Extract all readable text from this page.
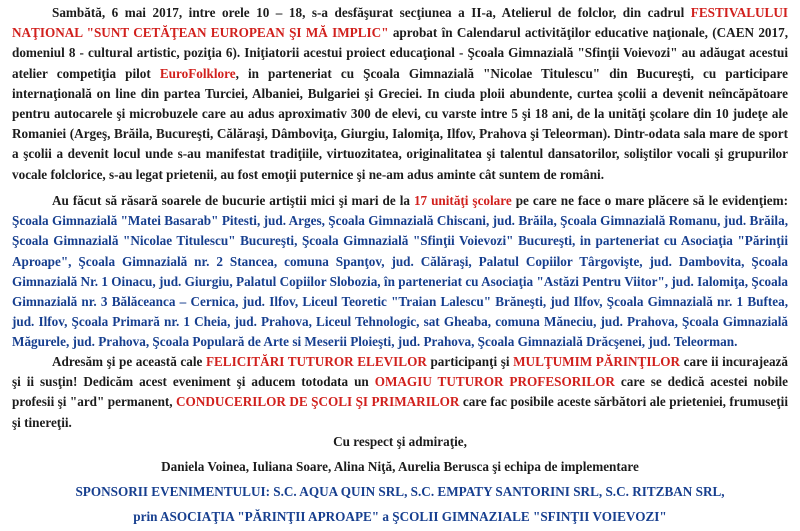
Sambătă, 6 mai 2017, intre orele 10 – 18, s-a desfăşurat secţiunea a II-a, Atelierul de folclor, din cadrul FESTIVALULUI NAŢIONAL "SUNT CETĂŢEAN EUROPEAN ŞI MĂ IMPLIC" aprobat în Calendarul activităţilor educative naţionale, (CAEN 2017, domeniul 8 - cultural artistic, poziţia 6). Iniţiatorii acestui proiect educaţional - Şcoala Gimnazială "Sfinţii Voievozi" au adăugat acestui atelier competiţia pilot EuroFolklore, in parteneriat cu Şcoala Gimnazială "Nicolae Titulescu" din Bucureşti, cu participare internaţională on line din partea Turciei, Albaniei, Bulgariei şi Greciei. In ciuda ploii abundente, curtea şcolii a devenit neîncăpătoare pentru autocarele şi microbuzele care au adus aproximativ 300 de elevi, cu varste intre 5 şi 18 ani, de la unităţi şcolare din 10 judeţe ale Romaniei (Argeş, Brăila, Bucureşti, Călăraşi, Dâmboviţa, Giurgiu, Ialomiţa, Ilfov, Prahova şi Teleorman). Dintr-odata sala mare de sport a şcolii a devenit locul unde s-au manifestat tradiţiile, virtuozitatea, originalitatea şi talentul dansatorilor, soliştilor vocali şi grupurilor vocale folclorice, s-au legat prietenii, au fost emoţii puternice şi ne-am adus aminte cât suntem de români.

Au făcut să răsară soarele de bucurie artiştii mici şi mari de la 17 unităţi şcolare pe care ne face o mare plăcere să le evidenţiem: Şcoala Gimnazială "Matei Basarab" Pitesti, jud. Arges, Şcoala Gimnazială Chiscani, jud. Brăila, Şcoala Gimnazială Romanu, jud. Brăila, Şcoala Gimnazială "Nicolae Titulescu" Bucureşti, Şcoala Gimnazială "Sfinţii Voievozi" Bucureşti, in parteneriat cu Asociaţia "Părinţii Aproape", Şcoala Gimnazială nr. 2 Stancea, comuna Spanţov, jud. Călăraşi, Palatul Copiilor Târgovişte, jud. Dambovita, Şcoala Gimnazială Nr. 1 Oinacu, jud. Giurgiu, Palatul Copiilor Slobozia, în parteneriat cu Asociaţia "Astăzi Pentru Viitor", jud. Ialomiţa, Şcoala Gimnazială nr. 3 Bălăceanca – Cernica, jud. Ilfov, Liceul Teoretic "Traian Lalescu" Brăneşti, jud Ilfov, Şcoala Gimnazială nr. 1 Buftea, jud. Ilfov, Şcoala Primară nr. 1 Cheia, jud. Prahova, Liceul Tehnologic, sat Gheaba, comuna Măneciu, jud. Prahova, Şcoala Gimnazială Măgurele, jud. Prahova, Şcoala Populară de Arte si Meserii Ploieşti, jud. Prahova, Şcoala Gimnazială Drăcşenei, jud. Teleorman.

Adresăm şi pe această cale FELICITĂRI TUTUROR ELEVILOR participanţi şi MULŢUMIM PĂRINŢILOR care ii incurajează şi ii susţin! Dedicăm acest eveniment şi aducem totodata un OMAGIU TUTUROR PROFESORILOR care se dedică acestei nobile profesii şi "ard" permanent, CONDUCERILOR DE ŞCOLI ŞI PRIMARILOR care fac posibile aceste sărbători ale prieteniei, frumuseţii şi tinereţii.

Cu respect şi admiraţie,

Daniela Voinea, Iuliana Soare, Alina Niţă, Aurelia Berusca şi echipa de implementare

SPONSORII EVENIMENTULUI: S.C. AQUA QUIN SRL, S.C. EMPATY SANTORINI SRL, S.C. RITZBAN SRL,

prin ASOCIAŢIA "PĂRINŢII APROAPE" a ŞCOLII GIMNAZIALE "SFINŢII VOIEVOZI"
